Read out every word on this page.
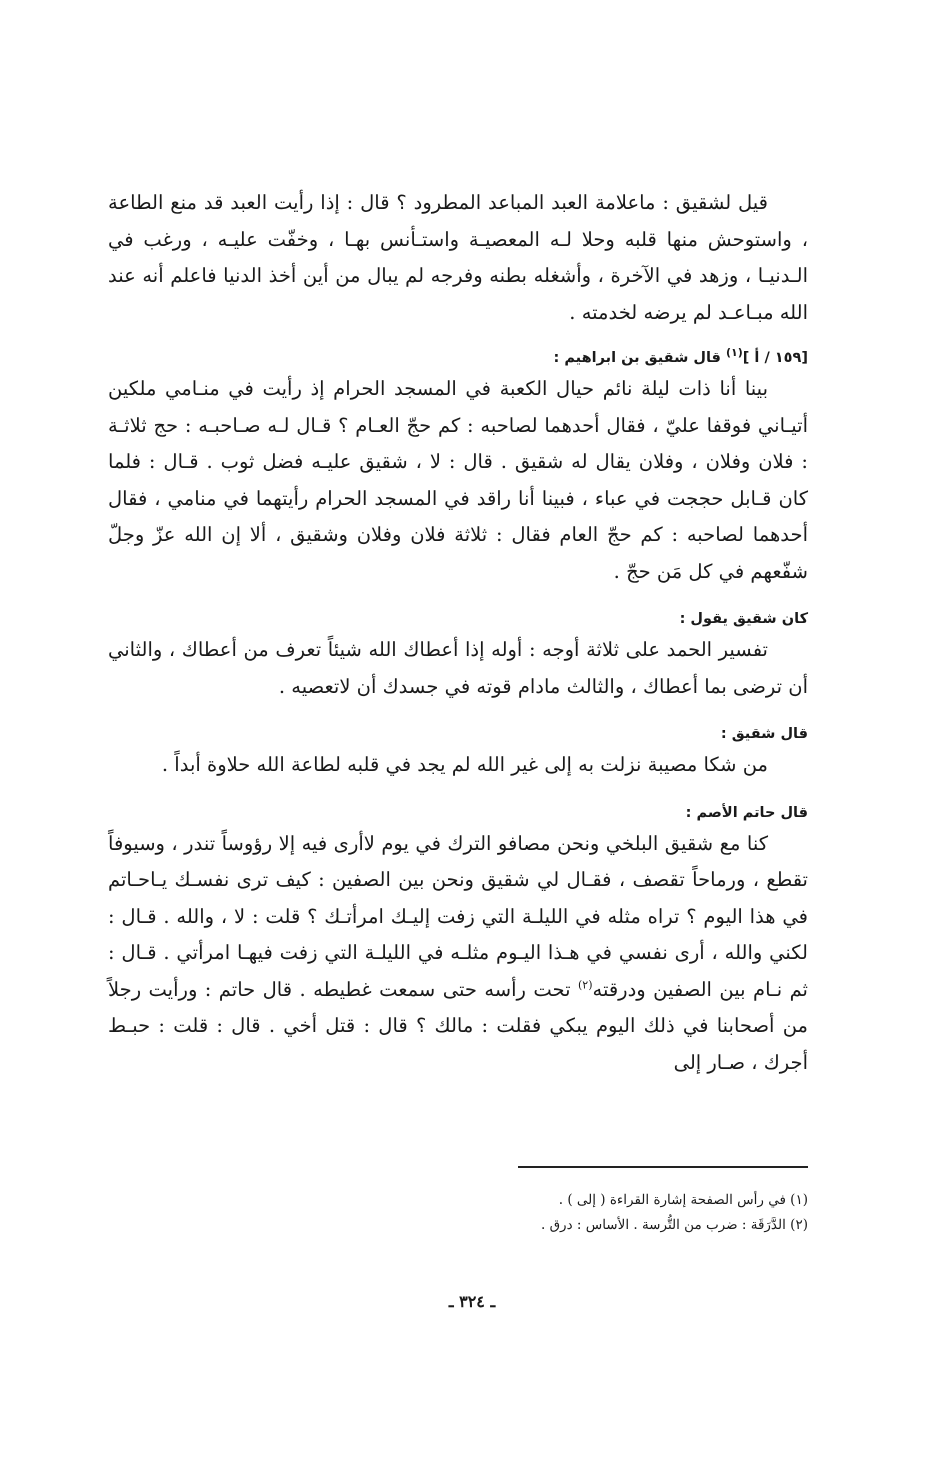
قيل لشقيق : ماعلامة العبد المباعد المطرود ؟ قال : إذا رأيت العبد قد منع الطاعة ، واستوحش منها قلبه وحلا لـه المعصيـة واستـأنس بهـا ، وخفّت عليـه ، ورغب في الـدنيـا ، وزهد في الآخرة ، وأشغله بطنه وفرجه لم يبال من أين أخذ الدنيا فاعلم أنه عند الله مبـاعـد لم يرضه لخدمته .

[١٥٩ / أ ]$^{(١)}$ قال شقيق بن ابراهيم :

بينا أنا ذات ليلة نائم حيال الكعبة في المسجد الحرام إذ رأيت في منـامي ملكين أتيـاني فوقفا عليّ ، فقال أحدهما لصاحبه : كم حجّ العـام ؟ قـال لـه صـاحبـه : حج ثلاثـة : فلان وفلان ، وفلان يقال له شقيق . قال : لا ، شقيق عليـه فضل ثوب . قـال : فلما كان قـابل حججت في عباء ، فبينا أنا راقد في المسجد الحرام رأيتهما في منامي ، فقال أحدهما لصاحبه : كم حجّ العام فقال : ثلاثة فلان وفلان وشقيق ، ألا إن الله عزّ وجلّ شفّعهم في كل مَن حجّ .

كان شقيق يقول :

تفسير الحمد على ثلاثة أوجه : أوله إذا أعطاك الله شيئاً تعرف من أعطاك ، والثاني أن ترضى بما أعطاك ، والثالث مادام قوته في جسدك أن لاتعصيه .

قال شقيق :

من شكا مصيبة نزلت به إلى غير الله لم يجد في قلبه لطاعة الله حلاوة أبداً .

قال حاتم الأصم :

كنا مع شقيق البلخي ونحن مصافو الترك في يوم لاأرى فيه إلا رؤوساً تندر ، وسيوفاً تقطع ، ورماحاً تقصف ، فقـال لي شقيق ونحن بين الصفين : كيف ترى نفسـك يـاحـاتم في هذا اليوم ؟ تراه مثله في الليلـة التي زفت إليـك امرأتـك ؟ قلت : لا ، والله . قـال : لكني والله ، أرى نفسي في هـذا اليـوم مثلـه في الليلـة التي زفت فيهـا امرأتي . قـال : ثم نـام بين الصفين ودرقته$^{(٢)}$ تحت رأسه حتى سمعت غطيطه . قال حاتم : ورأيت رجلاً من أصحابنا في ذلك اليوم يبكي فقلت : مالك ؟ قال : قتل أخي . قال : قلت : حبـط أجرك ، صـار إلى

(١) في رأس الصفحة إشارة القراءة ( إلى ) .

(٢) الدَّرَقَة : ضرب من التُّرسة . الأساس : درق .

ـ ٣٢٤ ـ
